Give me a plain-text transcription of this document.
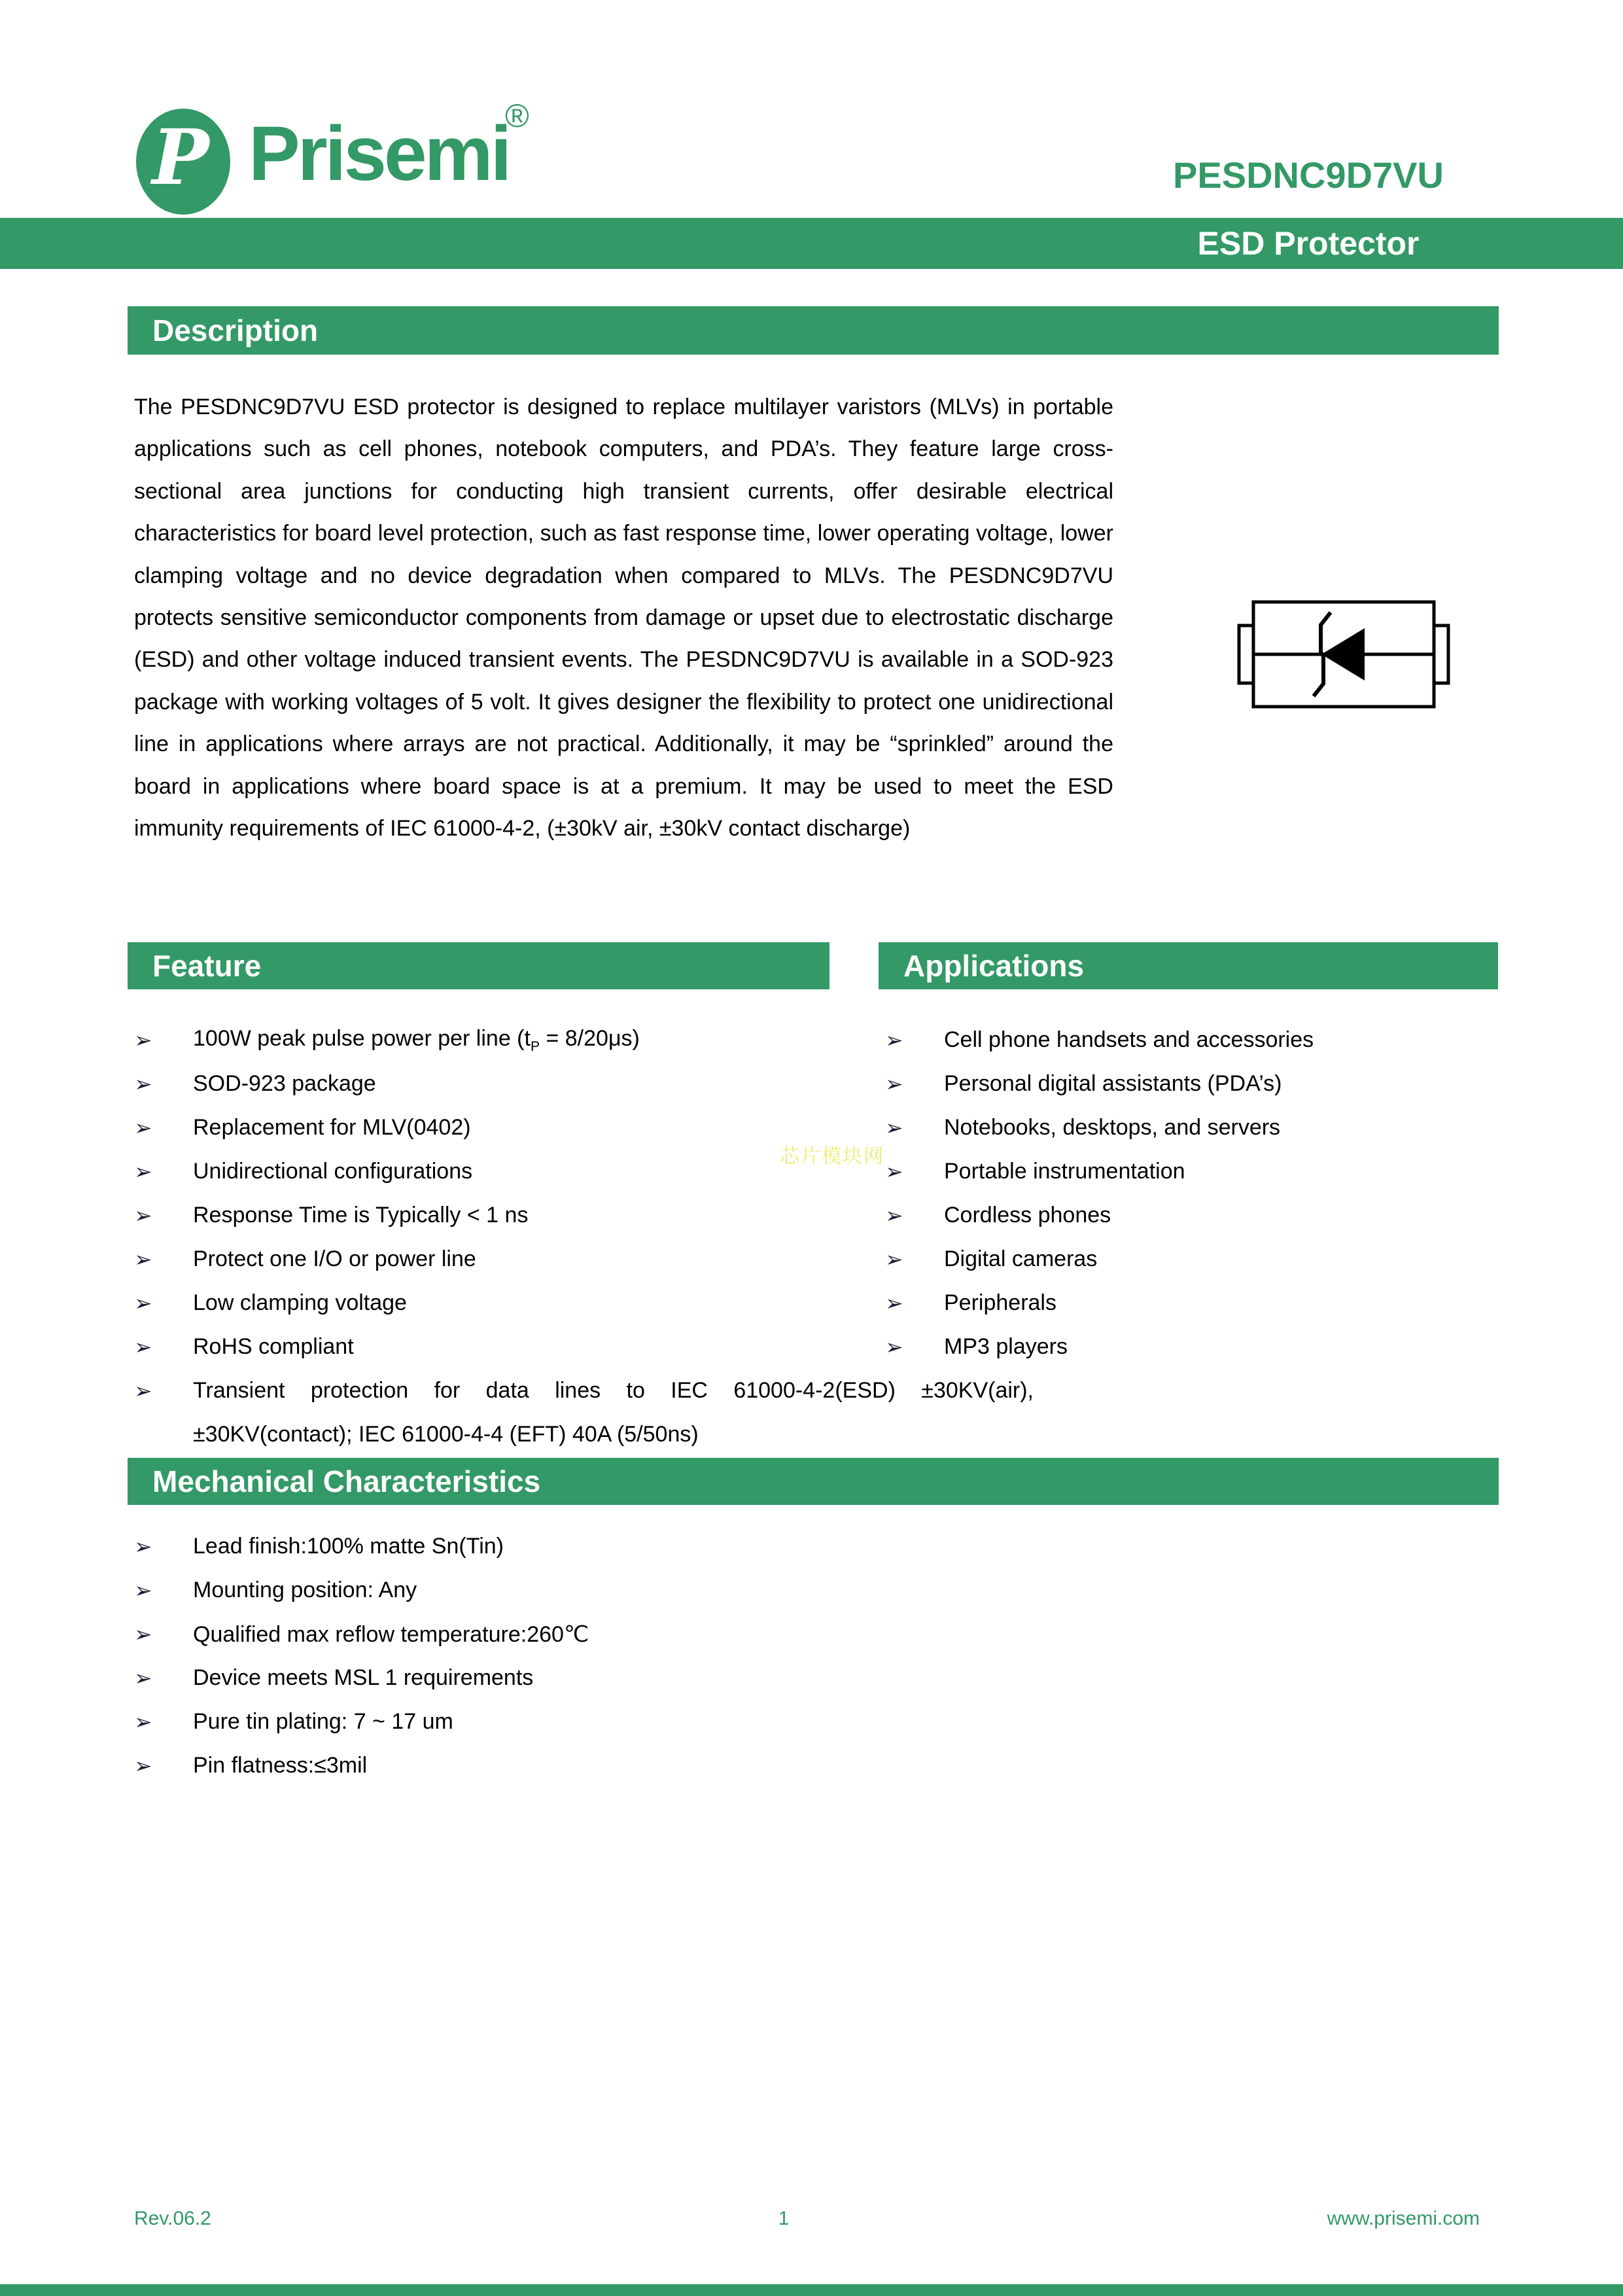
P Prisemi
®
PESDNC9D7VU
ESD Protector
Description
The PESDNC9D7VU ESD protector is designed to replace multilayer varistors (MLVs) in portable applications such as cell phones, notebook computers, and PDA’s. They feature large cross-sectional area junctions for conducting high transient currents, offer desirable electrical characteristics for board level protection, such as fast response time, lower operating voltage, lower clamping voltage and no device degradation when compared to MLVs. The PESDNC9D7VU protects sensitive semiconductor components from damage or upset due to electrostatic discharge (ESD) and other voltage induced transient events. The PESDNC9D7VU is available in a SOD-923 package with working voltages of 5 volt. It gives designer the flexibility to protect one unidirectional line in applications where arrays are not practical. Additionally, it may be “sprinkled” around the board in applications where board space is at a premium. It may be used to meet the ESD immunity requirements of IEC 61000-4-2, (±30kV air, ±30kV contact discharge)
Feature	Applications
➢	100W peak pulse power per line $(t_P = 8/20\mu s)$
➢	SOD-923 package
➢	Replacement for MLV(0402)
➢	Unidirectional configurations
➢	Response Time is Typically < 1 ns
➢	Protect one I/O or power line
➢	Low clamping voltage
➢	RoHS compliant
➢	Transient protection for data lines to IEC 61000-4-2(ESD) ±30KV(air),
±30KV(contact); IEC 61000-4-4 (EFT) 40A (5/50ns)
➢	Cell phone handsets and accessories
➢	Personal digital assistants (PDA’s)
➢	Notebooks, desktops, and servers
➢	Portable instrumentation
➢	Cordless phones
➢	Digital cameras
➢	Peripherals
➢	MP3 players
芯片模块网
Mechanical Characteristics
➢	Lead finish:100% matte Sn(Tin)
➢	Mounting position: Any
➢	Qualified max reflow temperature:260℃
➢	Device meets MSL 1 requirements
➢	Pure tin plating: 7 ~ 17 um
➢	Pin flatness:≤3mil
Rev.06.2	1	www.prisemi.com
